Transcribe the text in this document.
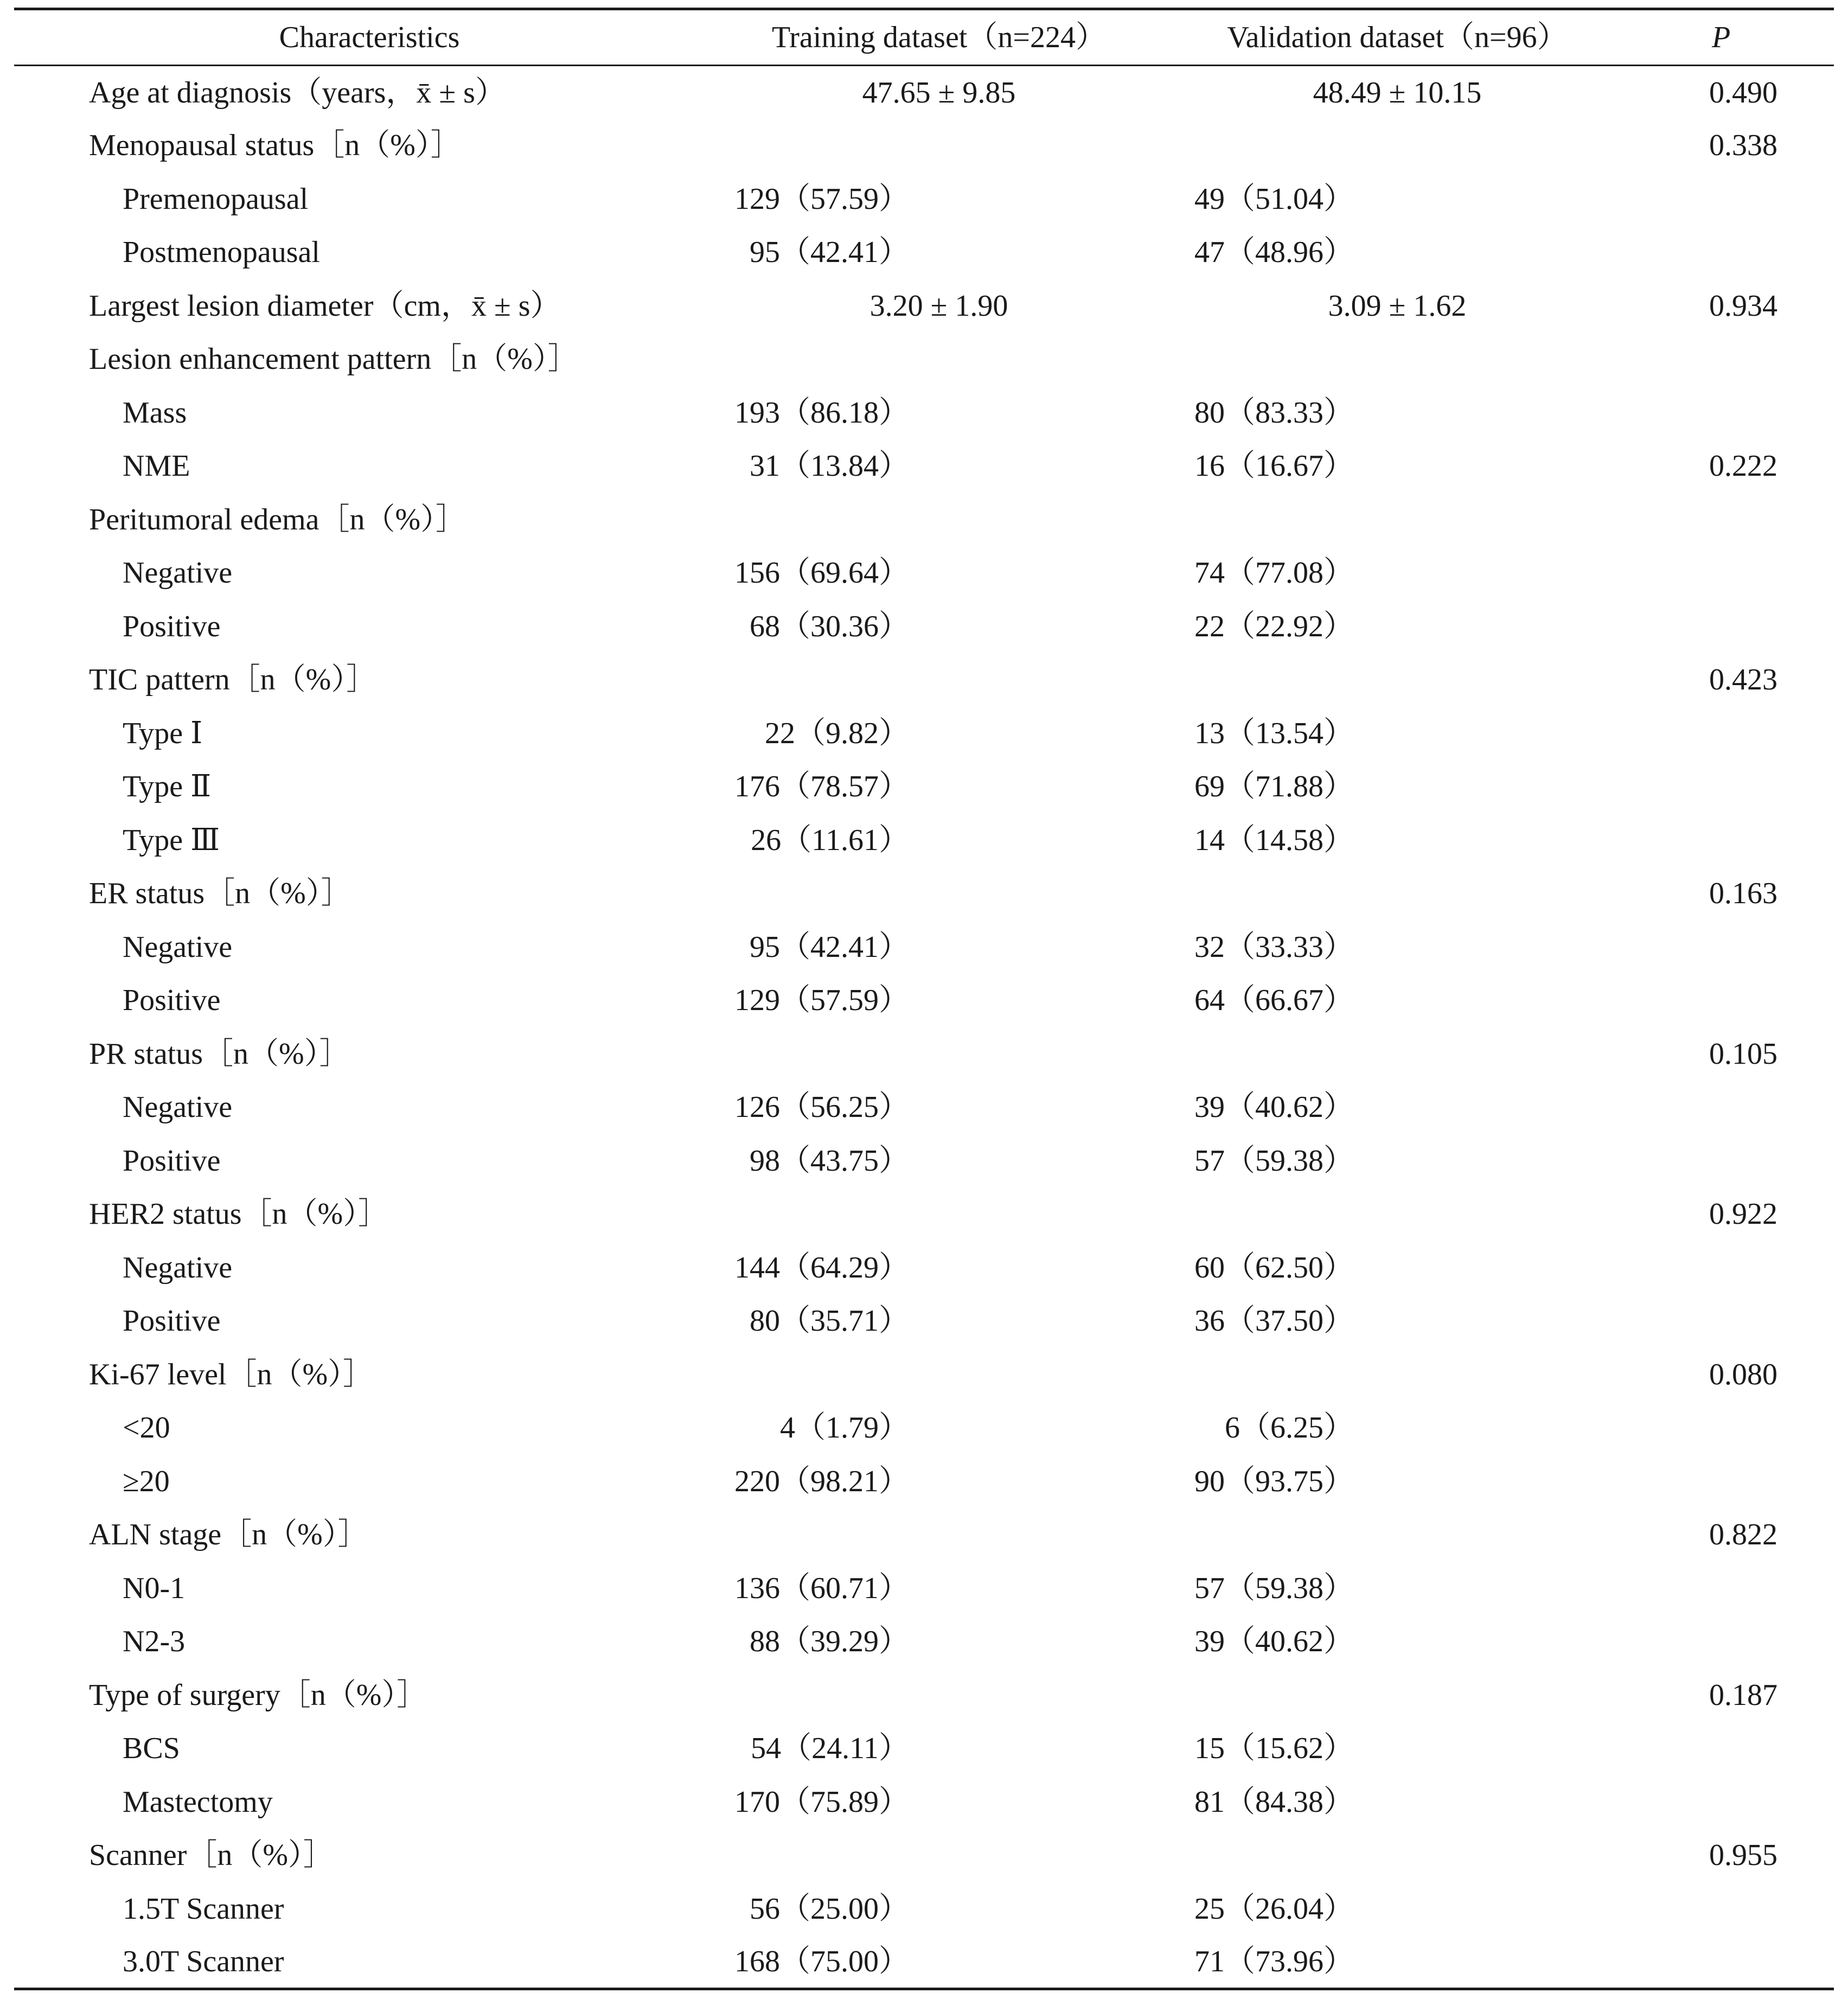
Characteristics	Training dataset（n=224）	Validation dataset（n=96）	P
Age at diagnosis（years，x̄ ± s）	47.65 ± 9.85	48.49 ± 10.15	0.490
Menopausal status［n（%）］			0.338
Premenopausal	129（57.59）	49（51.04）	
Postmenopausal	95（42.41）	47（48.96）	
Largest lesion diameter（cm，x̄ ± s）	3.20 ± 1.90	3.09 ± 1.62	0.934
Lesion enhancement pattern［n（%）］			
Mass	193（86.18）	80（83.33）	
NME	31（13.84）	16（16.67）	0.222
Peritumoral edema［n（%）］			
Negative	156（69.64）	74（77.08）	
Positive	68（30.36）	22（22.92）	
TIC pattern［n（%）］			0.423
Type Ⅰ	22（9.82）	13（13.54）	
Type Ⅱ	176（78.57）	69（71.88）	
Type Ⅲ	26（11.61）	14（14.58）	
ER status［n（%）］			0.163
Negative	95（42.41）	32（33.33）	
Positive	129（57.59）	64（66.67）	
PR status［n（%）］			0.105
Negative	126（56.25）	39（40.62）	
Positive	98（43.75）	57（59.38）	
HER2 status［n（%）］			0.922
Negative	144（64.29）	60（62.50）	
Positive	80（35.71）	36（37.50）	
Ki-67 level［n（%）］			0.080
<20	4（1.79）	6（6.25）	
≥20	220（98.21）	90（93.75）	
ALN stage［n（%）］			0.822
N0-1	136（60.71）	57（59.38）	
N2-3	88（39.29）	39（40.62）	
Type of surgery［n（%）］			0.187
BCS	54（24.11）	15（15.62）	
Mastectomy	170（75.89）	81（84.38）	
Scanner［n（%）］			0.955
1.5T Scanner	56（25.00）	25（26.04）	
3.0T Scanner	168（75.00）	71（73.96）	
